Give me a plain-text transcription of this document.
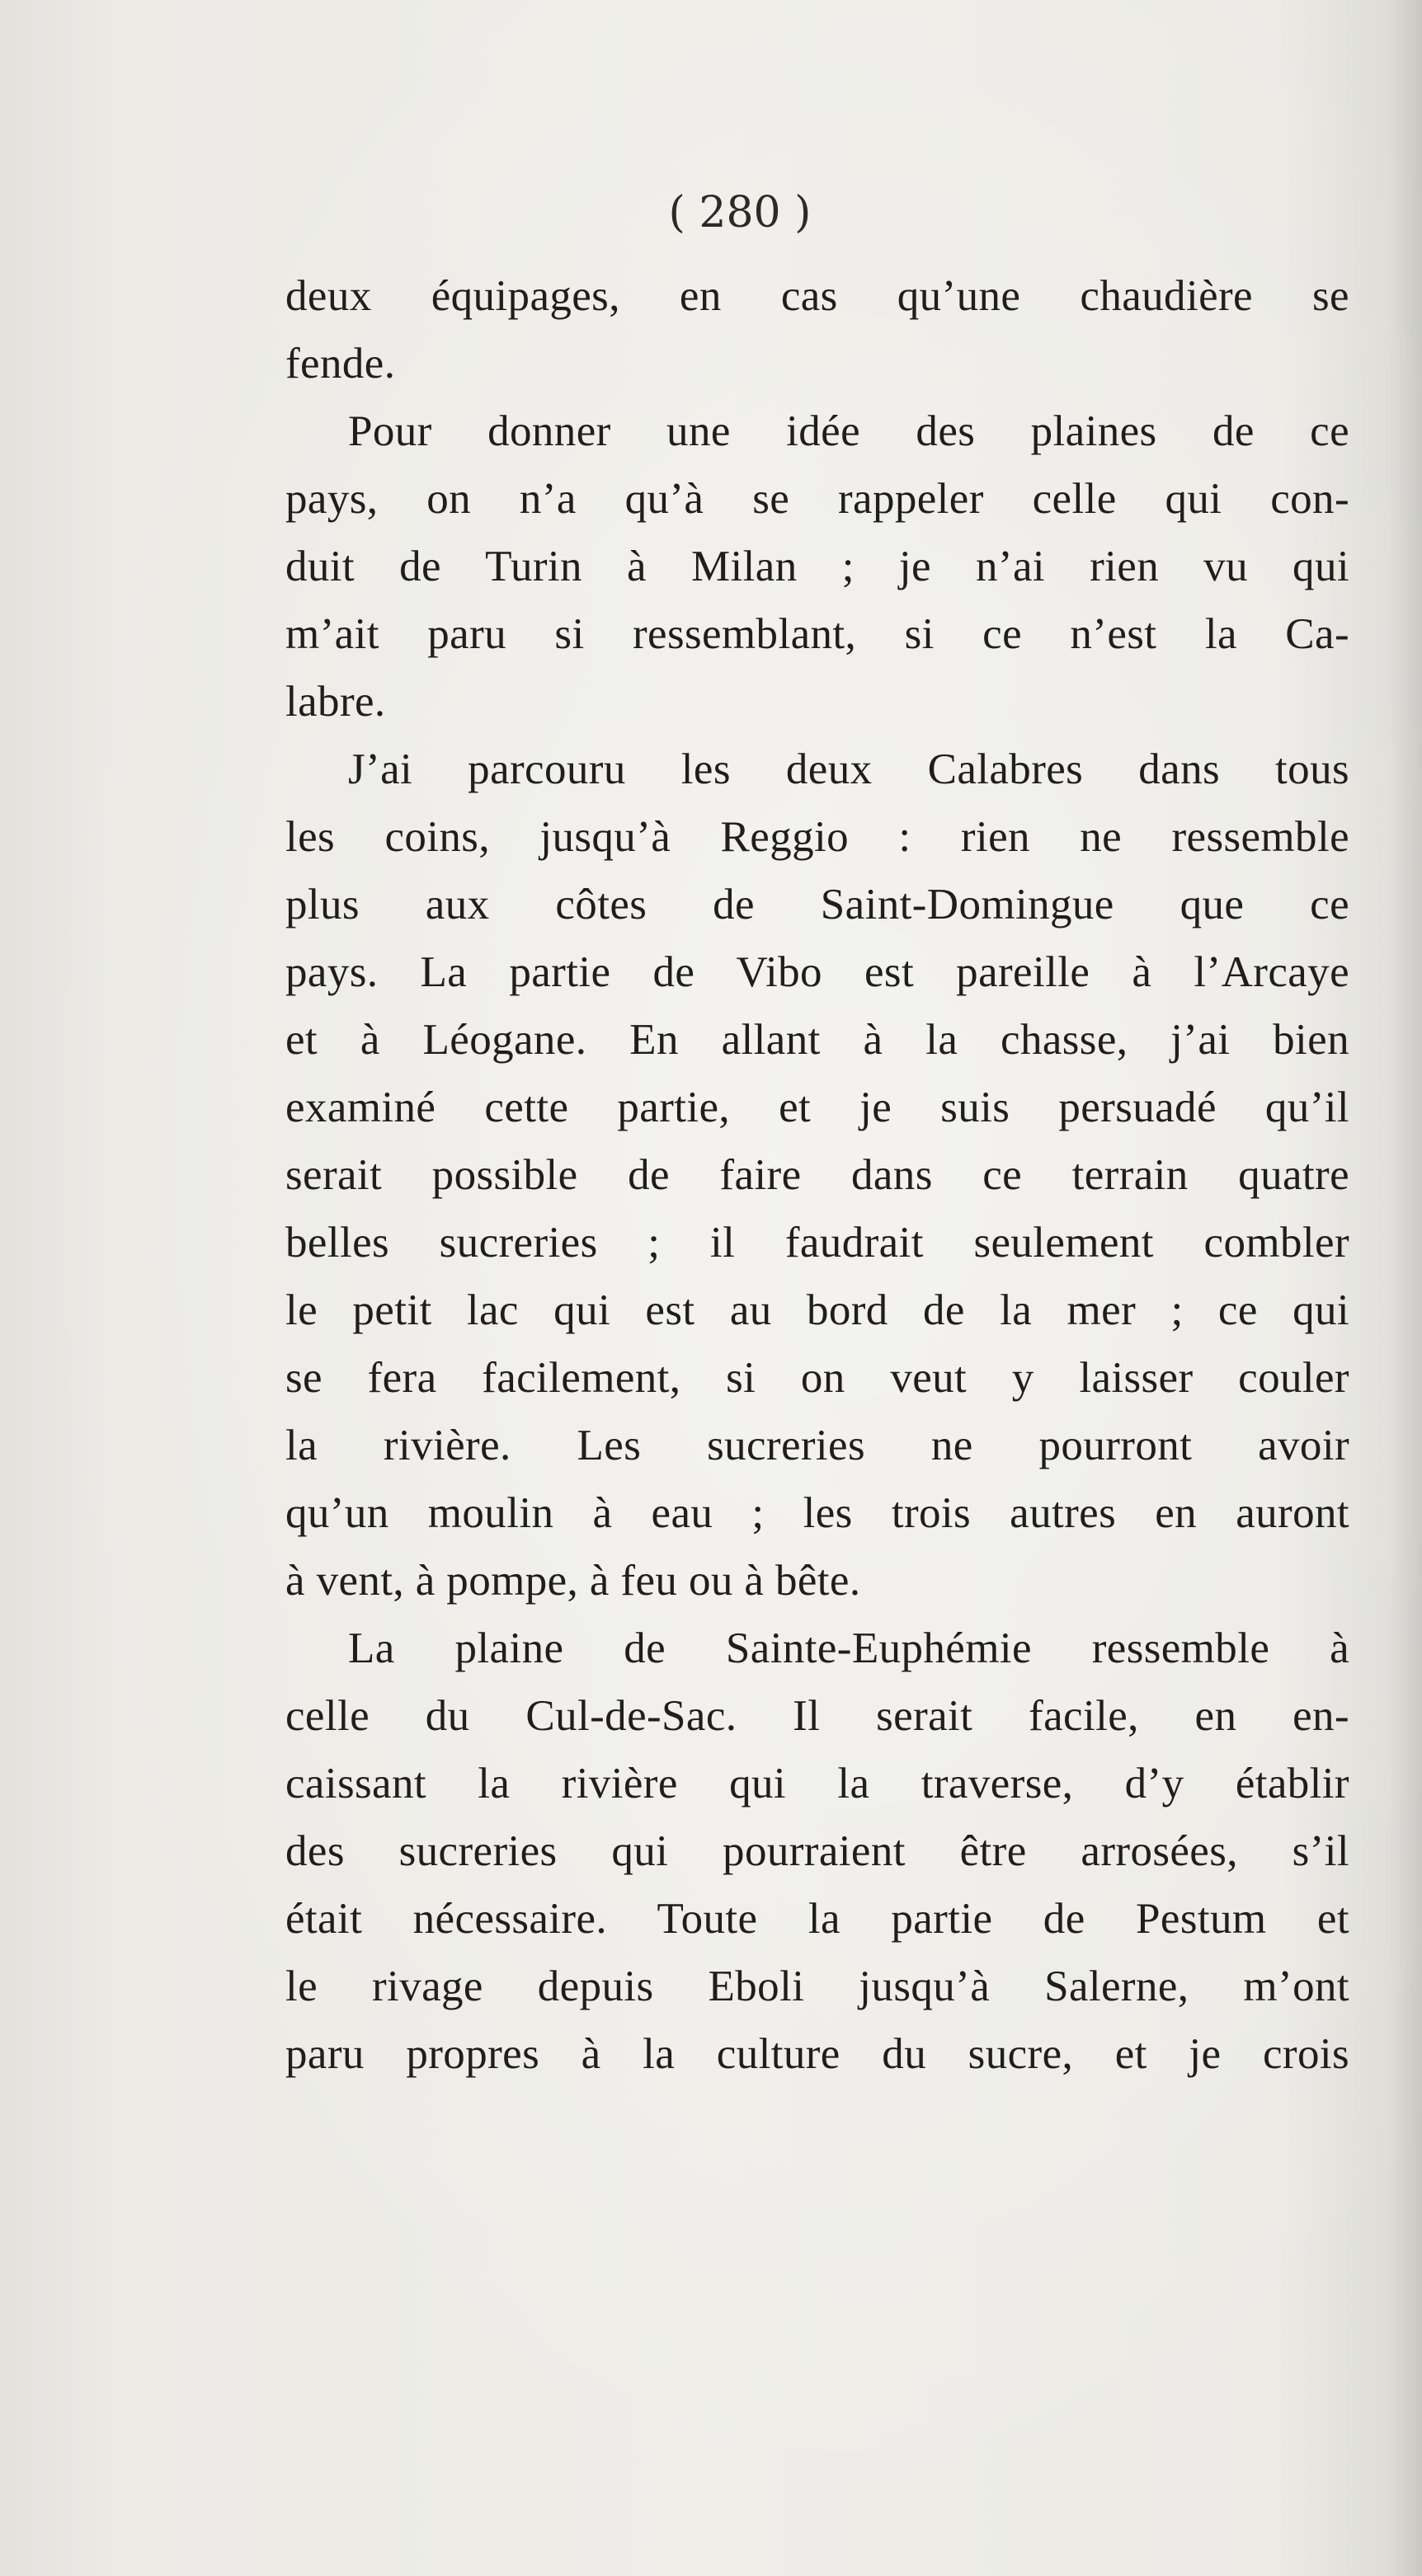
( 280 )
deux équipages, en cas qu’une chaudière se
fende.
Pour donner une idée des plaines de ce
pays, on n’a qu’à se rappeler celle qui con-
duit de Turin à Milan ; je n’ai rien vu qui
m’ait paru si ressemblant, si ce n’est la Ca-
labre.
J’ai parcouru les deux Calabres dans tous
les coins, jusqu’à Reggio : rien ne ressemble
plus aux côtes de Saint-Domingue que ce
pays. La partie de Vibo est pareille à l’Arcaye
et à Léogane. En allant à la chasse, j’ai bien
examiné cette partie, et je suis persuadé qu’il
serait possible de faire dans ce terrain quatre
belles sucreries ; il faudrait seulement combler
le petit lac qui est au bord de la mer ; ce qui
se fera facilement, si on veut y laisser couler
la rivière. Les sucreries ne pourront avoir
qu’un moulin à eau ; les trois autres en auront
à vent, à pompe, à feu ou à bête.
La plaine de Sainte-Euphémie ressemble à
celle du Cul-de-Sac. Il serait facile, en en-
caissant la rivière qui la traverse, d’y établir
des sucreries qui pourraient être arrosées, s’il
était nécessaire. Toute la partie de Pestum et
le rivage depuis Eboli jusqu’à Salerne, m’ont
paru propres à la culture du sucre, et je crois
